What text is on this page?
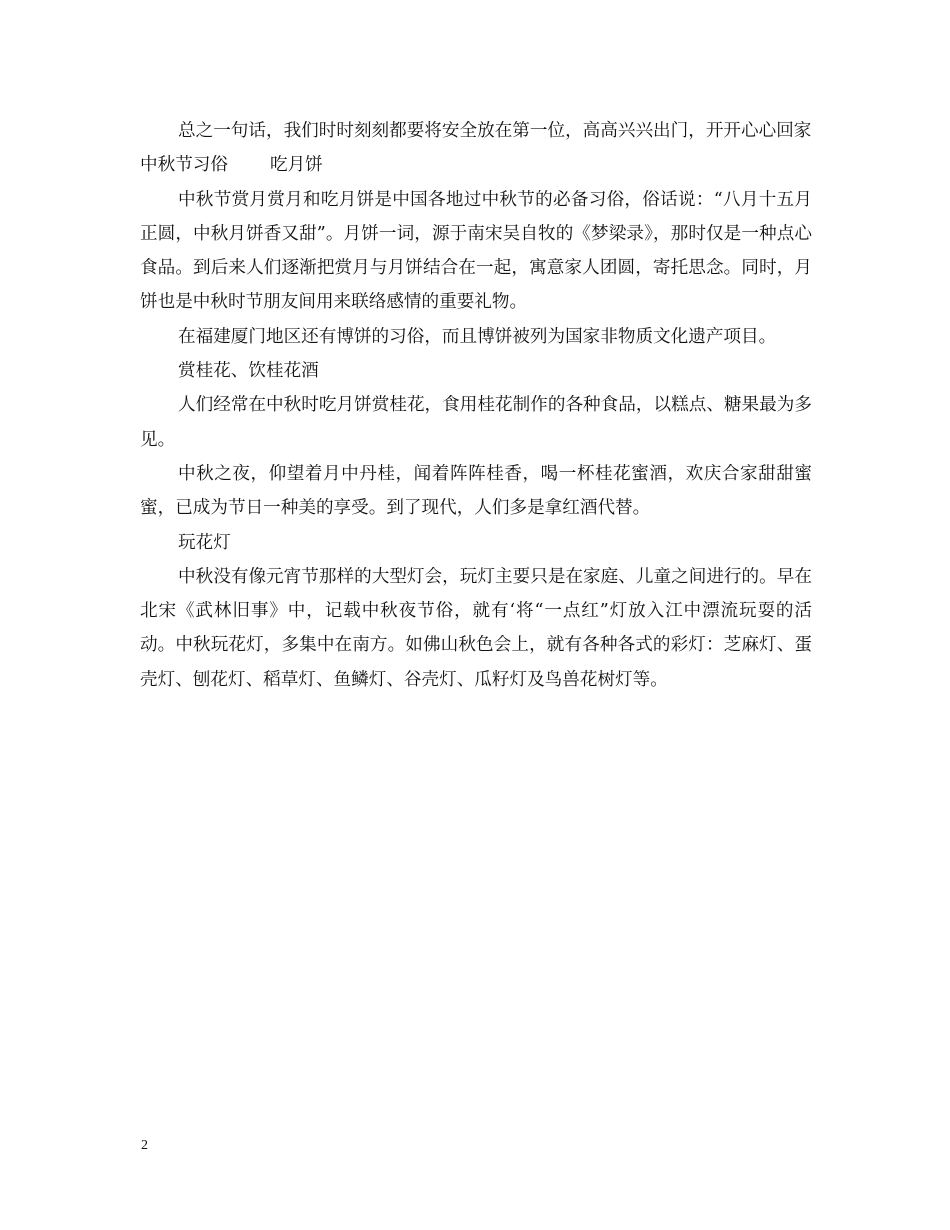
总之一句话，我们时时刻刻都要将安全放在第一位，高高兴兴出门，开开心心回家

中秋节习俗 吃月饼

中秋节赏月赏月和吃月饼是中国各地过中秋节的必备习俗，俗话说：“八月十五月正圆，中秋月饼香又甜”。月饼一词，源于南宋吴自牧的《梦梁录》，那时仅是一种点心食品。到后来人们逐渐把赏月与月饼结合在一起，寓意家人团圆，寄托思念。同时，月饼也是中秋时节朋友间用来联络感情的重要礼物。

在福建厦门地区还有博饼的习俗，而且博饼被列为国家非物质文化遗产项目。

赏桂花、饮桂花酒

人们经常在中秋时吃月饼赏桂花，食用桂花制作的各种食品，以糕点、糖果最为多见。

中秋之夜，仰望着月中丹桂，闻着阵阵桂香，喝一杯桂花蜜酒，欢庆合家甜甜蜜蜜，已成为节日一种美的享受。到了现代，人们多是拿红酒代替。

玩花灯

中秋没有像元宵节那样的大型灯会，玩灯主要只是在家庭、儿童之间进行的。早在北宋《武林旧事》中，记载中秋夜节俗，就有‘将“一点红”灯放入江中漂流玩耍的活动。中秋玩花灯，多集中在南方。如佛山秋色会上，就有各种各式的彩灯：芝麻灯、蛋壳灯、刨花灯、稻草灯、鱼鳞灯、谷壳灯、瓜籽灯及鸟兽花树灯等。

2
